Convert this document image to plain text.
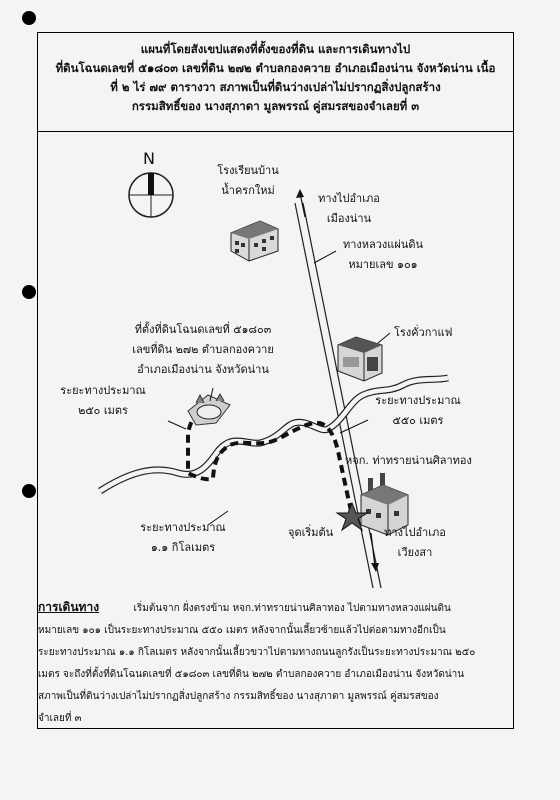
แผนที่โดยสังเขปแสดงที่ตั้งของที่ดิน และการเดินทางไป
ที่ดินโฉนดเลขที่ ๕๑๘๐๓ เลขที่ดิน ๒๗๒ ตำบลกองควาย อำเภอเมืองน่าน จังหวัดน่าน เนื้อ
ที่ ๒ ไร่ ๗๙ ตารางวา สภาพเป็นที่ดินว่างเปล่าไม่ปรากฏสิ่งปลูกสร้าง
กรรมสิทธิ์ของ นางสุภาดา มูลพรรณ์ คู่สมรสของจำเลยที่ ๓
N
โรงเรียนบ้าน
น้ำครกใหม่
ทางไปอำเภอ
เมืองน่าน
ทางหลวงแผ่นดิน
หมายเลข ๑๐๑
ที่ตั้งที่ดินโฉนดเลขที่ ๕๑๘๐๓
เลขที่ดิน ๒๗๒ ตำบลกองควาย
อำเภอเมืองน่าน จังหวัดน่าน
โรงคั่วกาแฟ
ระยะทางประมาณ
๒๕๐ เมตร
ระยะทางประมาณ
๕๕๐ เมตร
หจก. ท่าทรายน่านศิลาทอง
ระยะทางประมาณ
๑.๑ กิโลเมตร
จุดเริ่มต้น	ทางไปอำเภอ
เวียงสา
การเดินทาง	เริ่มต้นจาก ฝั่งตรงข้าม หจก.ท่าทรายน่านศิลาทอง ไปตามทางหลวงแผ่นดิน
หมายเลข ๑๐๑ เป็นระยะทางประมาณ ๕๕๐ เมตร หลังจากนั้นเลี้ยวซ้ายแล้วไปต่อตามทางอีกเป็น
ระยะทางประมาณ ๑.๑ กิโลเมตร หลังจากนั้นเลี้ยวขวาไปตามทางถนนลูกรังเป็นระยะทางประมาณ ๒๕๐
เมตร จะถึงที่ตั้งที่ดินโฉนดเลขที่ ๕๑๘๐๓ เลขที่ดิน ๒๗๒ ตำบลกองควาย อำเภอเมืองน่าน จังหวัดน่าน
สภาพเป็นที่ดินว่างเปล่าไม่ปรากฏสิ่งปลูกสร้าง กรรมสิทธิ์ของ นางสุภาดา มูลพรรณ์ คู่สมรสของ
จำเลยที่ ๓
